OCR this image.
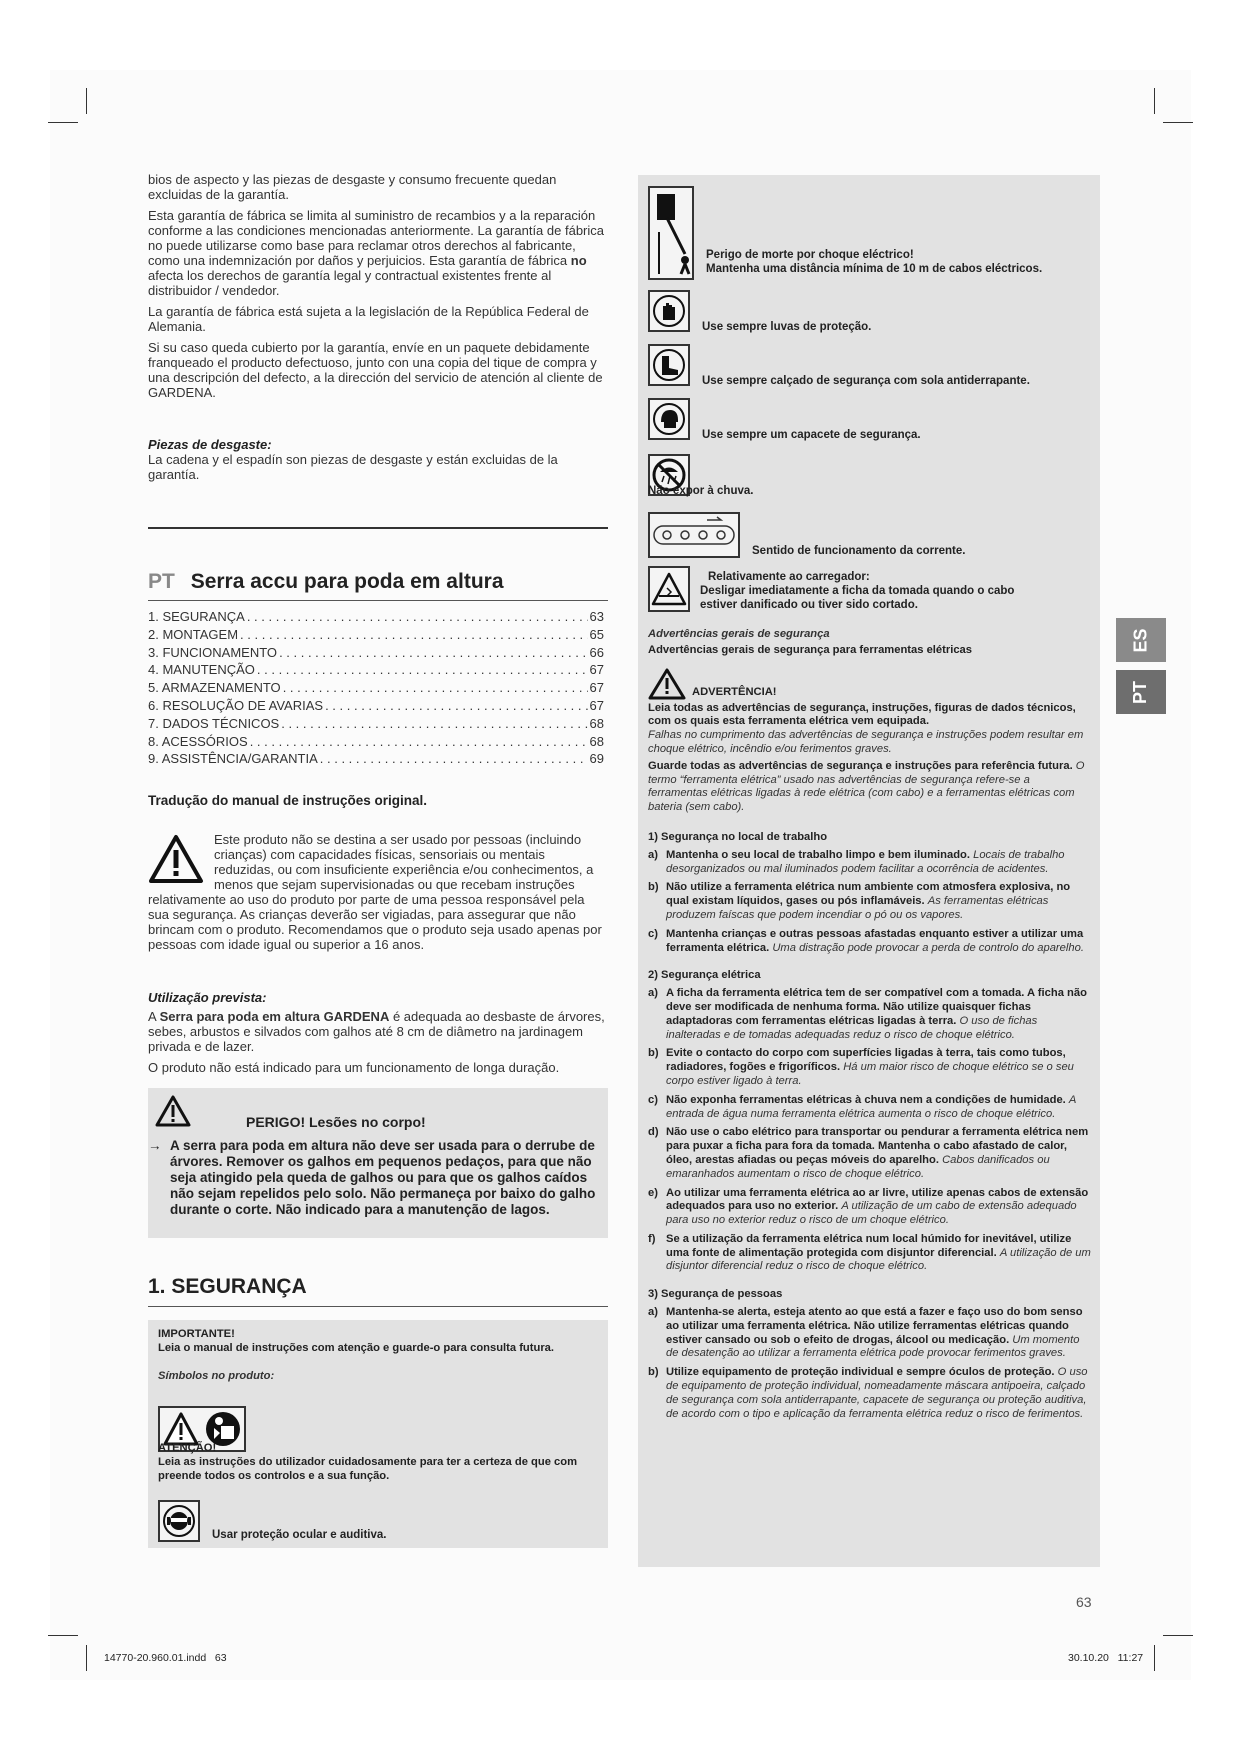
bios de aspecto y las piezas de desgaste y consumo frecuente quedan excluidas de la garantía.

Esta garantía de fábrica se limita al suministro de recambios y a la reparación conforme a las condiciones mencionadas anteriormente. La garantía de fábrica no puede utilizarse como base para reclamar otros derechos al fabricante, como una indemnización por daños y perjuicios. Esta garantía de fábrica no afecta los derechos de garantía legal y contractual existentes frente al distribuidor / vendedor.

La garantía de fábrica está sujeta a la legislación de la República Federal de Alemania.

Si su caso queda cubierto por la garantía, envíe en un paquete debidamente franqueado el producto defectuoso, junto con una copia del tique de compra y una descripción del defecto, a la dirección del servicio de atención al cliente de GARDENA.

Piezas de desgaste:

La cadena y el espadín son piezas de desgaste y están excluidas de la garantía.

PT Serra accu para poda em altura
1. SEGURANÇA . . .	63
2. MONTAGEM . . .	65
3. FUNCIONAMENTO . . .	66
4. MANUTENÇÃO . . .	67
5. ARMAZENAMENTO . . .	67
6. RESOLUÇÃO DE AVARIAS . . .	67
7. DADOS TÉCNICOS . . .	68
8. ACESSÓRIOS . . .	68
9. ASSISTÊNCIA/GARANTIA . . .	69
Tradução do manual de instruções original.

Este produto não se destina a ser usado por pessoas (incluindo crianças) com capacidades físicas, sensoriais ou mentais reduzidas, ou com insuficiente experiência e/ou conhecimentos, a menos que sejam supervisionadas ou que recebam instruções relativamente ao uso do produto por parte de uma pessoa responsável pela sua segurança. As crianças deverão ser vigiadas, para assegurar que não brincam com o produto. Recomendamos que o produto seja usado apenas por pessoas com idade igual ou superior a 16 anos.

Utilização prevista:

A Serra para poda em altura GARDENA é adequada ao desbaste de árvores, sebes, arbustos e silvados com galhos até 8 cm de diâmetro na jardinagem privada e de lazer.

O produto não está indicado para um funcionamento de longa duração.

PERIGO! Lesões no corpo!
→ A serra para poda em altura não deve ser usada para o derrube de árvores. Remover os galhos em pequenos pedaços, para que não seja atingido pela queda de galhos ou para que os galhos caídos não sejam repelidos pelo solo. Não permaneça por baixo do galho durante o corte. Não indicado para a manutenção de lagos.
1. SEGURANÇA
IMPORTANTE!
Leia o manual de instruções com atenção e guarde-o para consulta futura.
Símbolos no produto:
ATENÇÃO!
Leia as instruções do utilizador cuidadosamente para ter a certeza de que com preende todos os controlos e a sua função.
Usar proteção ocular e auditiva.
Perigo de morte por choque eléctrico!
Mantenha uma distância mínima de 10 m de cabos eléctricos.
Use sempre luvas de proteção.
Use sempre calçado de segurança com sola antiderrapante.
Use sempre um capacete de segurança.
Não expor à chuva.
Sentido de funcionamento da corrente.
Relativamente ao carregador:
Desligar imediatamente a ficha da tomada quando o cabo estiver danificado ou tiver sido cortado.
Advertências gerais de segurança
Advertências gerais de segurança para ferramentas elétricas
ADVERTÊNCIA!
Leia todas as advertências de segurança, instruções, figuras de dados técnicos, com os quais esta ferramenta elétrica vem equipada.
Falhas no cumprimento das advertências de segurança e instruções podem resultar em choque elétrico, incêndio e/ou ferimentos graves.
Guarde todas as advertências de segurança e instruções para referência futura. O termo “ferramenta elétrica” usado nas advertências de segurança refere-se a ferramentas elétricas ligadas à rede elétrica (com cabo) e a ferramentas elétricas com bateria (sem cabo).
1) Segurança no local de trabalho
a) Mantenha o seu local de trabalho limpo e bem iluminado. Locais de trabalho desorganizados ou mal iluminados podem facilitar a ocorrência de acidentes.
b) Não utilize a ferramenta elétrica num ambiente com atmosfera explosiva, no qual existam líquidos, gases ou pós inflamáveis. As ferramentas elétricas produzem faíscas que podem incendiar o pó ou os vapores.
c) Mantenha crianças e outras pessoas afastadas enquanto estiver a utilizar uma ferramenta elétrica. Uma distração pode provocar a perda de controlo do aparelho.
2) Segurança elétrica
a) A ficha da ferramenta elétrica tem de ser compatível com a tomada. A ficha não deve ser modificada de nenhuma forma. Não utilize quaisquer fichas adaptadoras com ferramentas elétricas ligadas à terra. O uso de fichas inalteradas e de tomadas adequadas reduz o risco de choque elétrico.
b) Evite o contacto do corpo com superfícies ligadas à terra, tais como tubos, radiadores, fogões e frigoríficos. Há um maior risco de choque elétrico se o seu corpo estiver ligado à terra.
c) Não exponha ferramentas elétricas à chuva nem a condições de humidade. A entrada de água numa ferramenta elétrica aumenta o risco de choque elétrico.
d) Não use o cabo elétrico para transportar ou pendurar a ferramenta elétrica nem para puxar a ficha para fora da tomada. Mantenha o cabo afastado de calor, óleo, arestas afiadas ou peças móveis do aparelho. Cabos danificados ou emaranhados aumentam o risco de choque elétrico.
e) Ao utilizar uma ferramenta elétrica ao ar livre, utilize apenas cabos de extensão adequados para uso no exterior. A utilização de um cabo de extensão adequado para uso no exterior reduz o risco de um choque elétrico.
f) Se a utilização da ferramenta elétrica num local húmido for inevitável, utilize uma fonte de alimentação protegida com disjuntor diferencial. A utilização de um disjuntor diferencial reduz o risco de choque elétrico.
3) Segurança de pessoas
a) Mantenha-se alerta, esteja atento ao que está a fazer e faço uso do bom senso ao utilizar uma ferramenta elétrica. Não utilize ferramentas elétricas quando estiver cansado ou sob o efeito de drogas, álcool ou medicação. Um momento de desatenção ao utilizar a ferramenta elétrica pode provocar ferimentos graves.
b) Utilize equipamento de proteção individual e sempre óculos de proteção. O uso de equipamento de proteção individual, nomeadamente máscara antipoeira, calçado de segurança com sola antiderrapante, capacete de segurança ou proteção auditiva, de acordo com o tipo e aplicação da ferramenta elétrica reduz o risco de ferimentos.
ES
PT
63
14770-20.960.01.indd   63	30.10.20   11:27
